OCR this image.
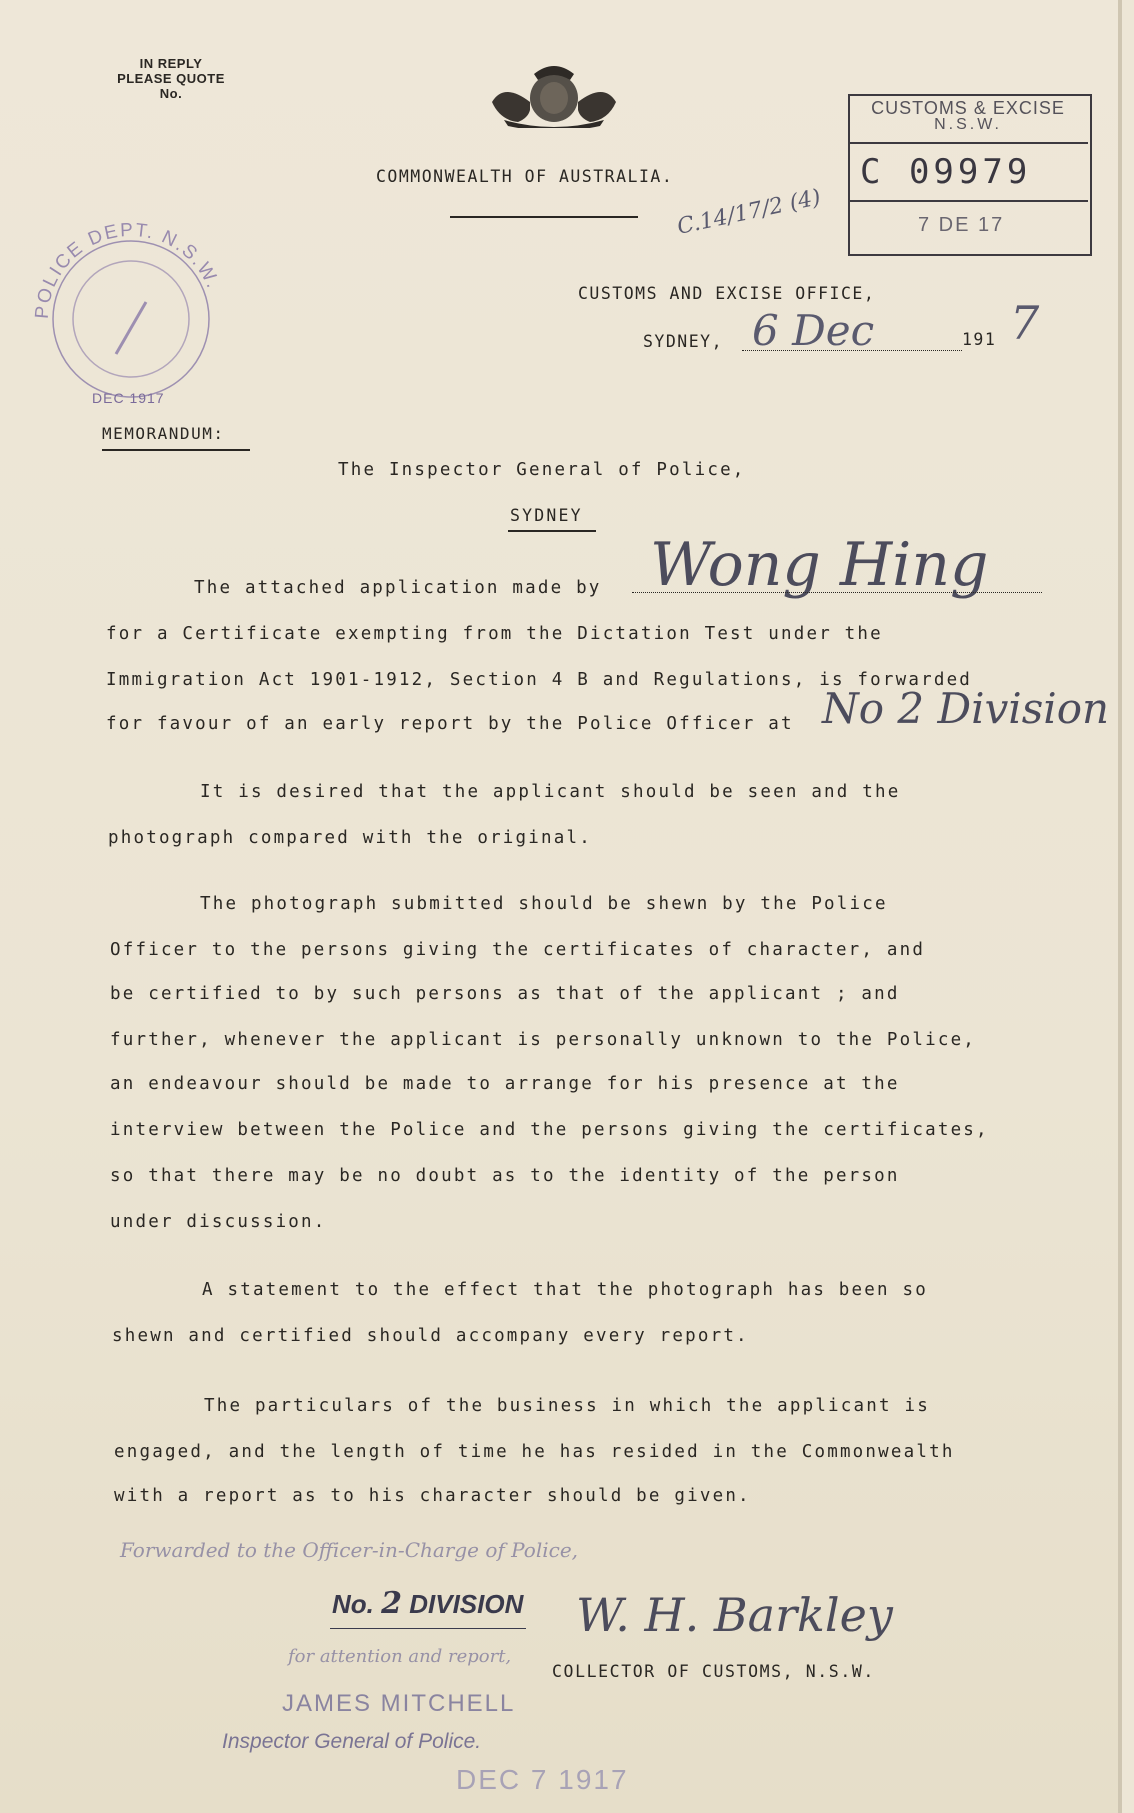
IN REPLY
PLEASE QUOTE
No.
COMMONWEALTH OF AUSTRALIA.
C.14/17/2 (4)
CUSTOMS & EXCISE
N.S.W.
C 09979
7 DE 17
POLICE DEPT. N.S.W.
DEC 1917
CUSTOMS AND EXCISE OFFICE,
SYDNEY, 6 Dec	191 7
MEMORANDUM:
The Inspector General of Police,
SYDNEY
The attached application made by Wong Hing
for a Certificate exempting from the Dictation Test under the
Immigration Act 1901-1912, Section 4 B and Regulations, is forwarded
for favour of an early report by the Police Officer at No 2 Division
It is desired that the applicant should be seen and the
photograph compared with the original.
The photograph submitted should be shewn by the Police
Officer to the persons giving the certificates of character, and
be certified to by such persons as that of the applicant ; and
further, whenever the applicant is personally unknown to the Police,
an endeavour should be made to arrange for his presence at the
interview between the Police and the persons giving the certificates,
so that there may be no doubt as to the identity of the person
under discussion.
A statement to the effect that the photograph has been so
shewn and certified should accompany every report.
The particulars of the business in which the applicant is
engaged, and the length of time he has resided in the Commonwealth
with a report as to his character should be given.
Forwarded to the Officer-in-Charge of Police,
No. 2 DIVISION
for attention and report,
JAMES MITCHELL
Inspector General of Police.
DEC 7 1917
W. H. Barkley
COLLECTOR OF CUSTOMS, N.S.W.
